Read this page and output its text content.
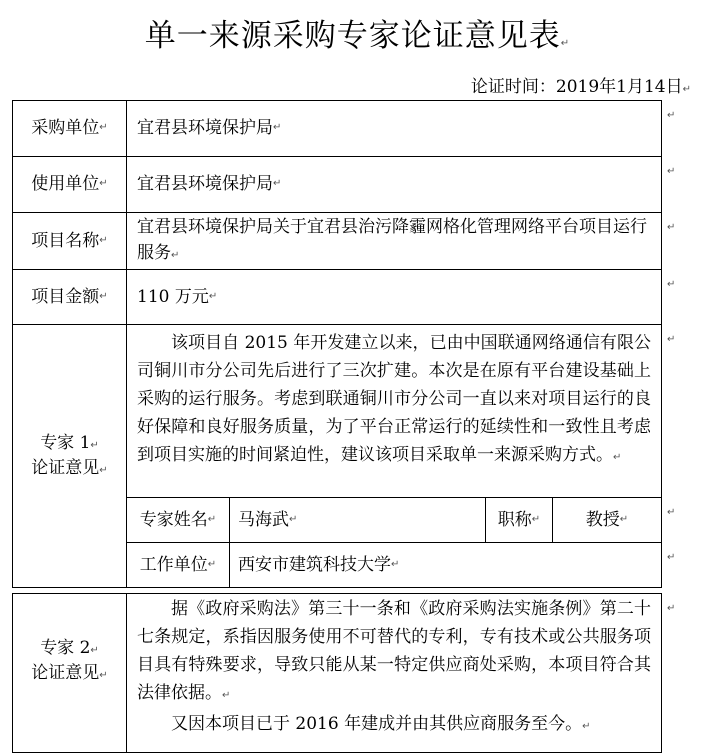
单一来源采购专家论证意见表↵
论证时间：2019年1月14日↵
采购单位 ↵ 宜君县环境保护局 ↵
使用单位 ↵ 宜君县环境保护局 ↵
项目名称 ↵
宜君县环境保护局关于宜君县治污降霾网格化管理网络平台项目运行服务↵
项目金额 ↵ 110 万元 ↵
专家 1↵
论证意见↵

该项目自 2015 年开发建立以来，已由中国联通网络通信有限公司铜川市分公司先后进行了三次扩建。本次是在原有平台建设基础上采购的运行服务。考虑到联通铜川市分公司一直以来对项目运行的良好保障和良好服务质量，为了平台正常运行的延续性和一致性且考虑到项目实施的时间紧迫性，建议该项目采取单一来源采购方式。↵

专家姓名 ↵ 马海武 ↵	职称 ↵	教授 ↵
工作单位 ↵ 西安市建筑科技大学 ↵
专家 2↵
论证意见↵

据《政府采购法》第三十一条和《政府采购法实施条例》第二十七条规定，系指因服务使用不可替代的专利，专有技术或公共服务项目具有特殊要求，导致只能从某一特定供应商处采购，本项目符合其法律依据。↵

又因本项目已于 2016 年建成并由其供应商服务至今。↵

↵
↵
↵
↵
↵
↵
↵
↵
